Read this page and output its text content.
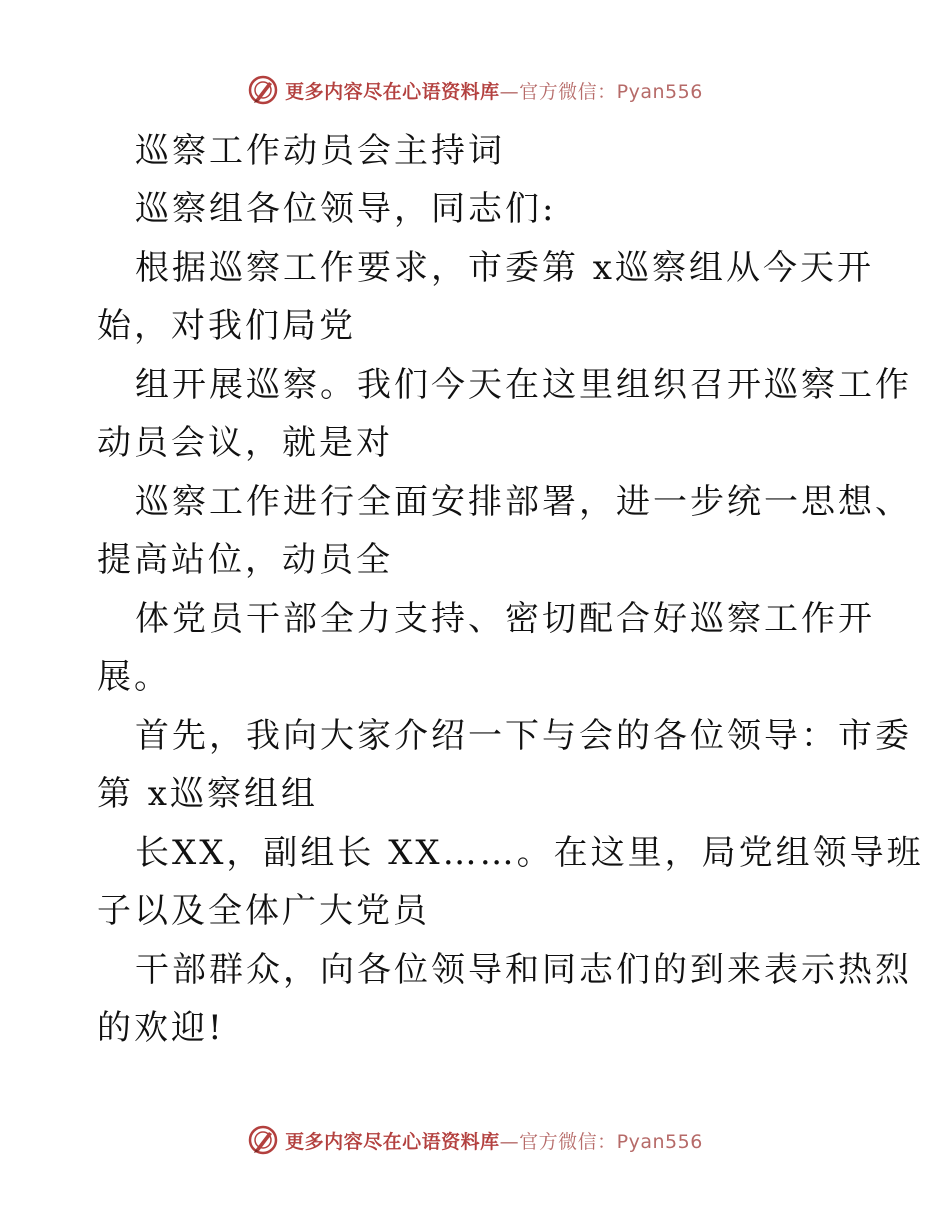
更多内容尽在心语资料库—官方微信：Pyan556
巡察工作动员会主持词
巡察组各位领导，同志们:
根据巡察工作要求，市委第 x巡察组从今天开
始，对我们局党
组开展巡察。我们今天在这里组织召开巡察工作
动员会议，就是对
巡察工作进行全面安排部署，进一步统一思想、
提高站位，动员全
体党员干部全力支持、密切配合好巡察工作开
展。
首先，我向大家介绍一下与会的各位领导：市委
第 x巡察组组
长XX，副组长 XX……。在这里，局党组领导班
子以及全体广大党员
干部群众，向各位领导和同志们的到来表示热烈
的欢迎!
更多内容尽在心语资料库—官方微信：Pyan556
